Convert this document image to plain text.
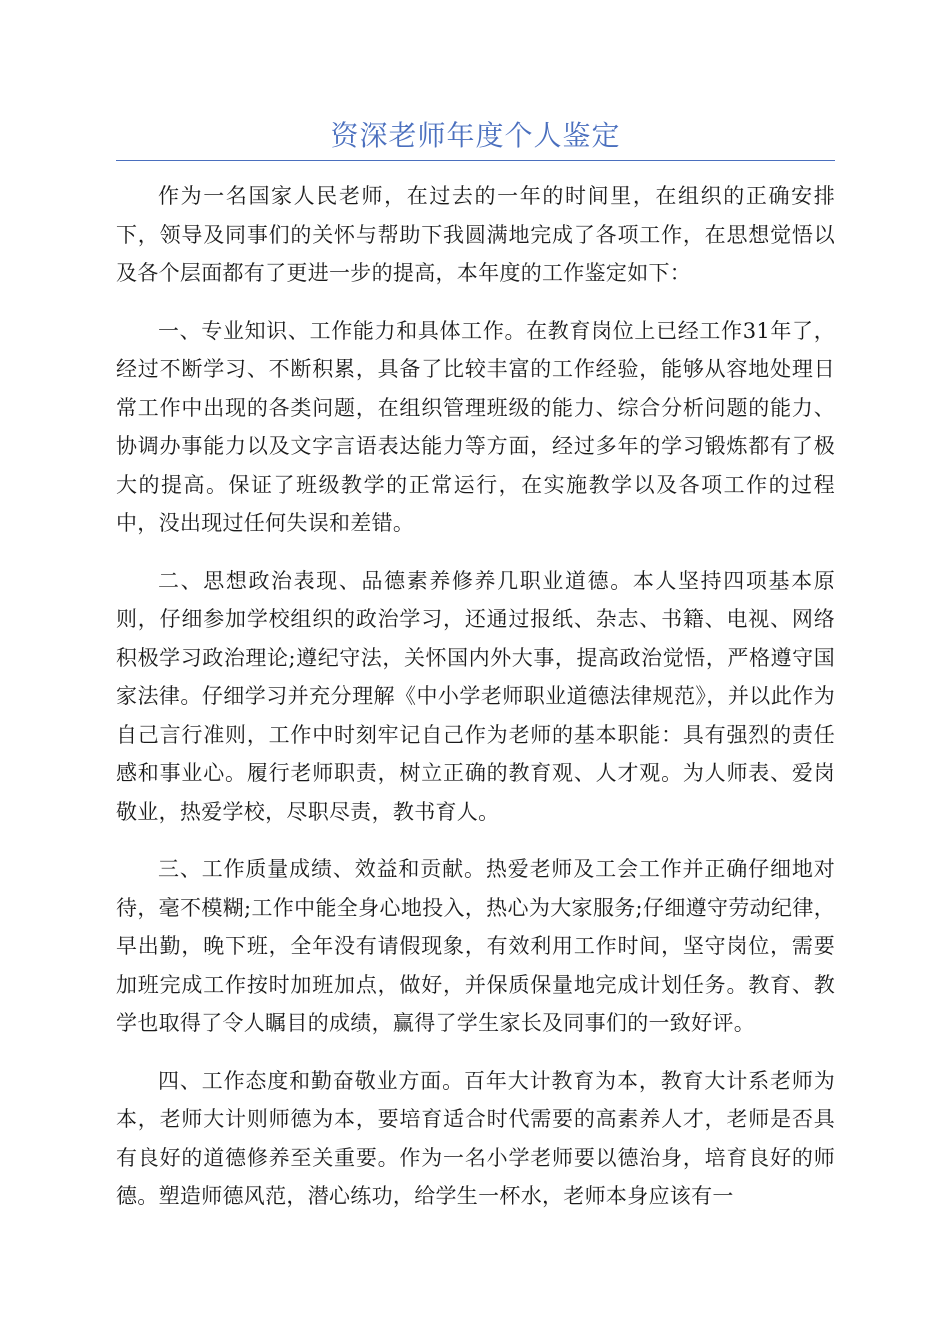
资深老师年度个人鉴定

作为一名国家人民老师，在过去的一年的时间里，在组织的正确安排下，领导及同事们的关怀与帮助下我圆满地完成了各项工作，在思想觉悟以及各个层面都有了更进一步的提高，本年度的工作鉴定如下：

一、专业知识、工作能力和具体工作。在教育岗位上已经工作31年了，经过不断学习、不断积累，具备了比较丰富的工作经验，能够从容地处理日常工作中出现的各类问题，在组织管理班级的能力、综合分析问题的能力、协调办事能力以及文字言语表达能力等方面，经过多年的学习锻炼都有了极大的提高。保证了班级教学的正常运行，在实施教学以及各项工作的过程中，没出现过任何失误和差错。

二、思想政治表现、品德素养修养几职业道德。本人坚持四项基本原则，仔细参加学校组织的政治学习，还通过报纸、杂志、书籍、电视、网络积极学习政治理论;遵纪守法，关怀国内外大事，提高政治觉悟，严格遵守国家法律。仔细学习并充分理解《中小学老师职业道德法律规范》，并以此作为自己言行准则，工作中时刻牢记自己作为老师的基本职能：具有强烈的责任感和事业心。履行老师职责，树立正确的教育观、人才观。为人师表、爱岗敬业，热爱学校，尽职尽责，教书育人。

三、工作质量成绩、效益和贡献。热爱老师及工会工作并正确仔细地对待，毫不模糊;工作中能全身心地投入，热心为大家服务;仔细遵守劳动纪律，早出勤，晚下班，全年没有请假现象，有效利用工作时间，坚守岗位，需要加班完成工作按时加班加点，做好，并保质保量地完成计划任务。教育、教学也取得了令人瞩目的成绩，赢得了学生家长及同事们的一致好评。

四、工作态度和勤奋敬业方面。百年大计教育为本，教育大计系老师为本，老师大计则师德为本，要培育适合时代需要的高素养人才，老师是否具有良好的道德修养至关重要。作为一名小学老师要以德治身，培育良好的师德。塑造师德风范，潜心练功，给学生一杯水，老师本身应该有一
